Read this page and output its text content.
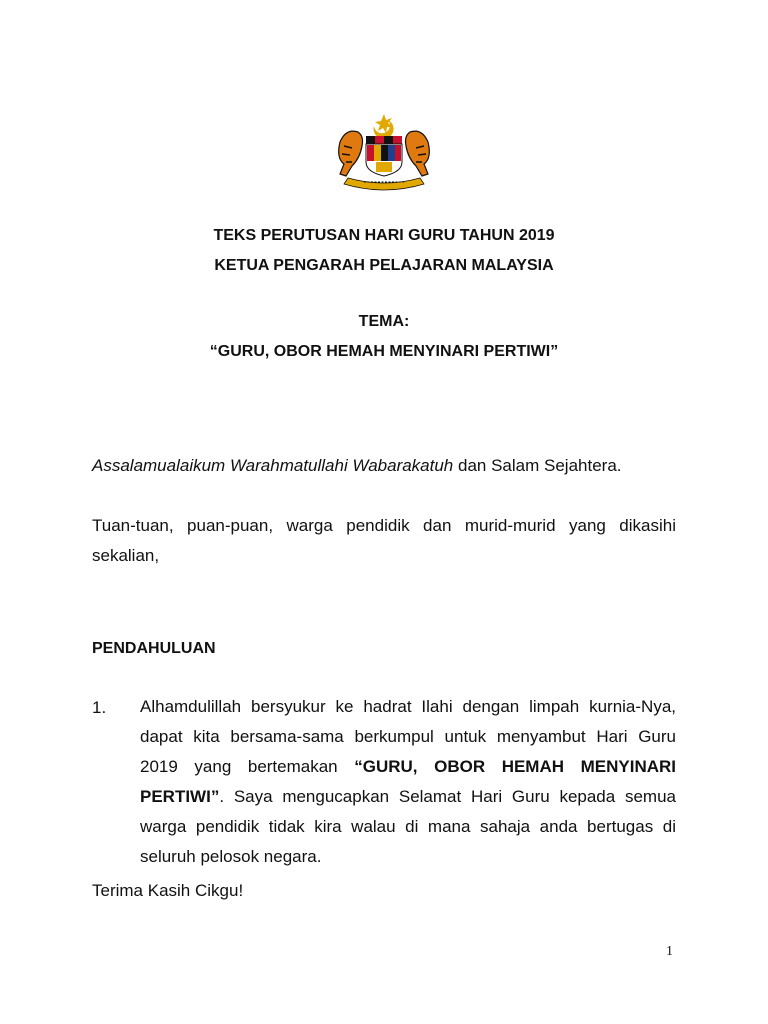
TEKS PERUTUSAN HARI GURU TAHUN 2019
KETUA PENGARAH PELAJARAN MALAYSIA
TEMA:
“GURU, OBOR HEMAH MENYINARI PERTIWI”
Assalamualaikum Warahmatullahi Wabarakatuh dan Salam Sejahtera.
Tuan-tuan, puan-puan, warga pendidik dan murid-murid yang dikasihi sekalian,
PENDAHULUAN
1. Alhamdulillah bersyukur ke hadrat Ilahi dengan limpah kurnia-Nya, dapat kita bersama-sama berkumpul untuk menyambut Hari Guru 2019 yang bertemakan “GURU, OBOR HEMAH MENYINARI PERTIWI”. Saya mengucapkan Selamat Hari Guru kepada semua warga pendidik tidak kira walau di mana sahaja anda bertugas di seluruh pelosok negara.
Terima Kasih Cikgu!
1
